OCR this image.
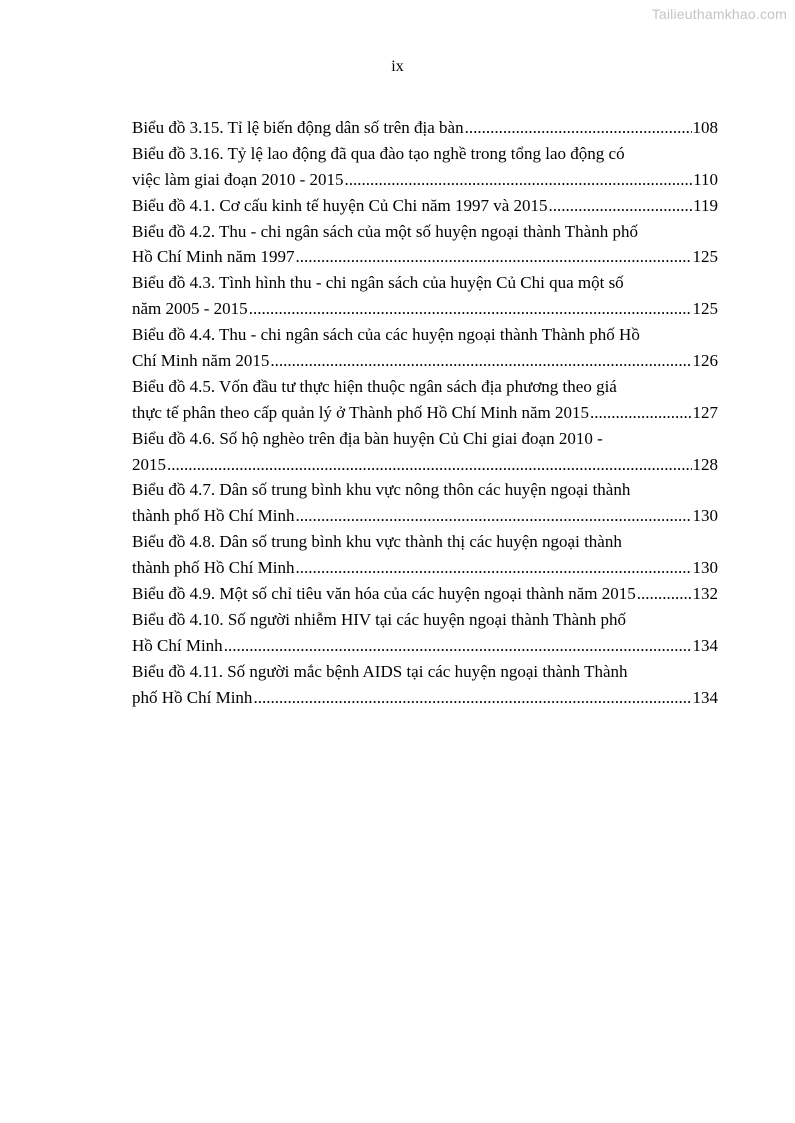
Tailieuthamkhao.com
ix
Biểu đồ 3.15. Tỉ lệ biến động dân số trên địa bàn .....	108
Biểu đồ 3.16. Tỷ lệ lao động đã qua đào tạo nghề trong tổng lao động có
việc làm giai đoạn 2010 - 2015 .....	110
Biểu đồ 4.1. Cơ cấu kinh tế huyện Củ Chi năm 1997 và 2015 .....	119
Biểu đồ 4.2. Thu - chi ngân sách của một số huyện ngoại thành Thành phố
Hồ Chí Minh năm 1997 .....	125
Biểu đồ 4.3. Tình hình thu - chi ngân sách của huyện Củ Chi qua một số
năm 2005 - 2015 .....	125
Biểu đồ 4.4. Thu - chi ngân sách của các huyện ngoại thành Thành phố Hồ
Chí Minh năm 2015 .....	126
Biểu đồ 4.5. Vốn đầu tư thực hiện thuộc ngân sách địa phương theo giá
thực tế phân theo cấp quản lý ở Thành phố Hồ Chí Minh năm 2015 .....	127
Biểu đồ 4.6. Số hộ nghèo trên địa bàn huyện Củ Chi giai đoạn 2010 -
2015 .....	128
Biểu đồ 4.7. Dân số trung bình khu vực nông thôn các huyện ngoại thành
thành phố Hồ Chí Minh .....	130
Biểu đồ 4.8. Dân số trung bình khu vực thành thị các huyện ngoại thành
thành phố Hồ Chí Minh .....	130
Biểu đồ 4.9. Một số chỉ tiêu văn hóa của các huyện ngoại thành năm 2015 .....	132
Biểu đồ 4.10. Số người nhiễm HIV tại các huyện ngoại thành Thành phố
Hồ Chí Minh .....	134
Biểu đồ 4.11. Số người mắc bệnh AIDS tại các huyện ngoại thành Thành
phố Hồ Chí Minh .....	134
